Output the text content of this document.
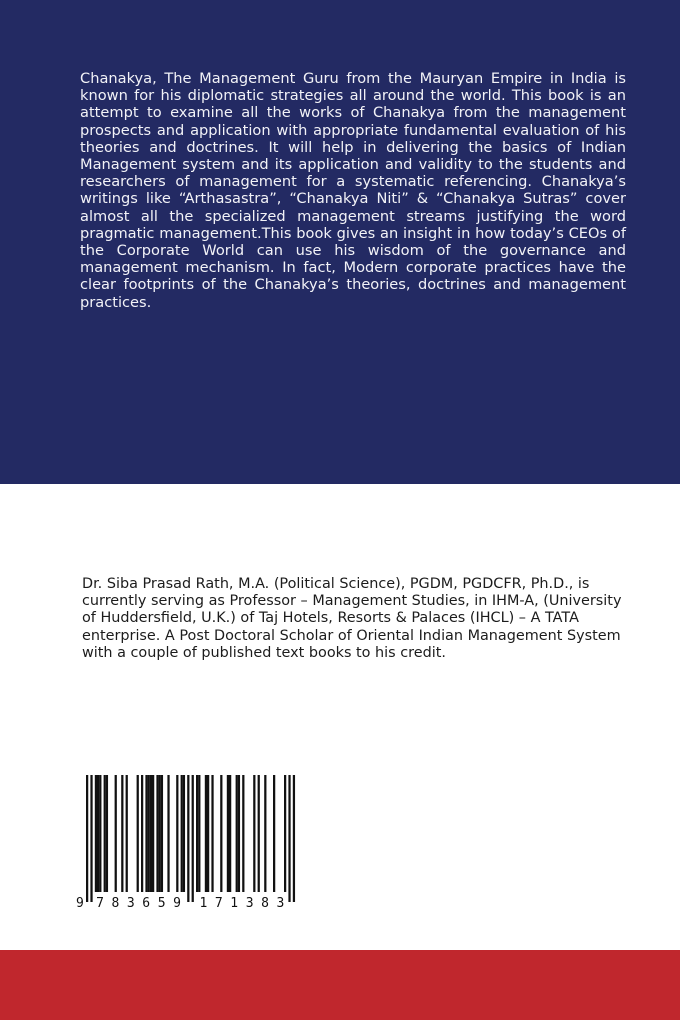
Chanakya, The Management Guru from the Mauryan Empire in India is known for his diplomatic strategies all around the world. This book is an attempt to examine all the works of Chanakya from the management prospects and application with appropriate fundamental evaluation of his theories and doctrines. It will help in delivering the basics of Indian Management system and its application and validity to the students and researchers of management for a systematic referencing. Chanakya’s writings like “Arthasastra”, “Chanakya Niti” & “Chanakya Sutras” cover almost all the specialized management streams justifying the word pragmatic management.This book gives an insight in how today’s CEOs of the Corporate World can use his wisdom of the governance and management mechanism. In fact, Modern corporate practices have the clear footprints of the Chanakya’s theories, doctrines and management practices.

Dr. Siba Prasad Rath, M.A. (Political Science), PGDM, PGDCFR, Ph.D., is currently serving as Professor – Management Studies, in IHM-A, (University of Huddersfield, U.K.) of Taj Hotels, Resorts & Palaces (IHCL) – A TATA enterprise. A Post Doctoral Scholar of Oriental Indian Management System with a couple of published text books to his credit.

9 7 8 3 6 5 9 1 7 1 3 8 3
